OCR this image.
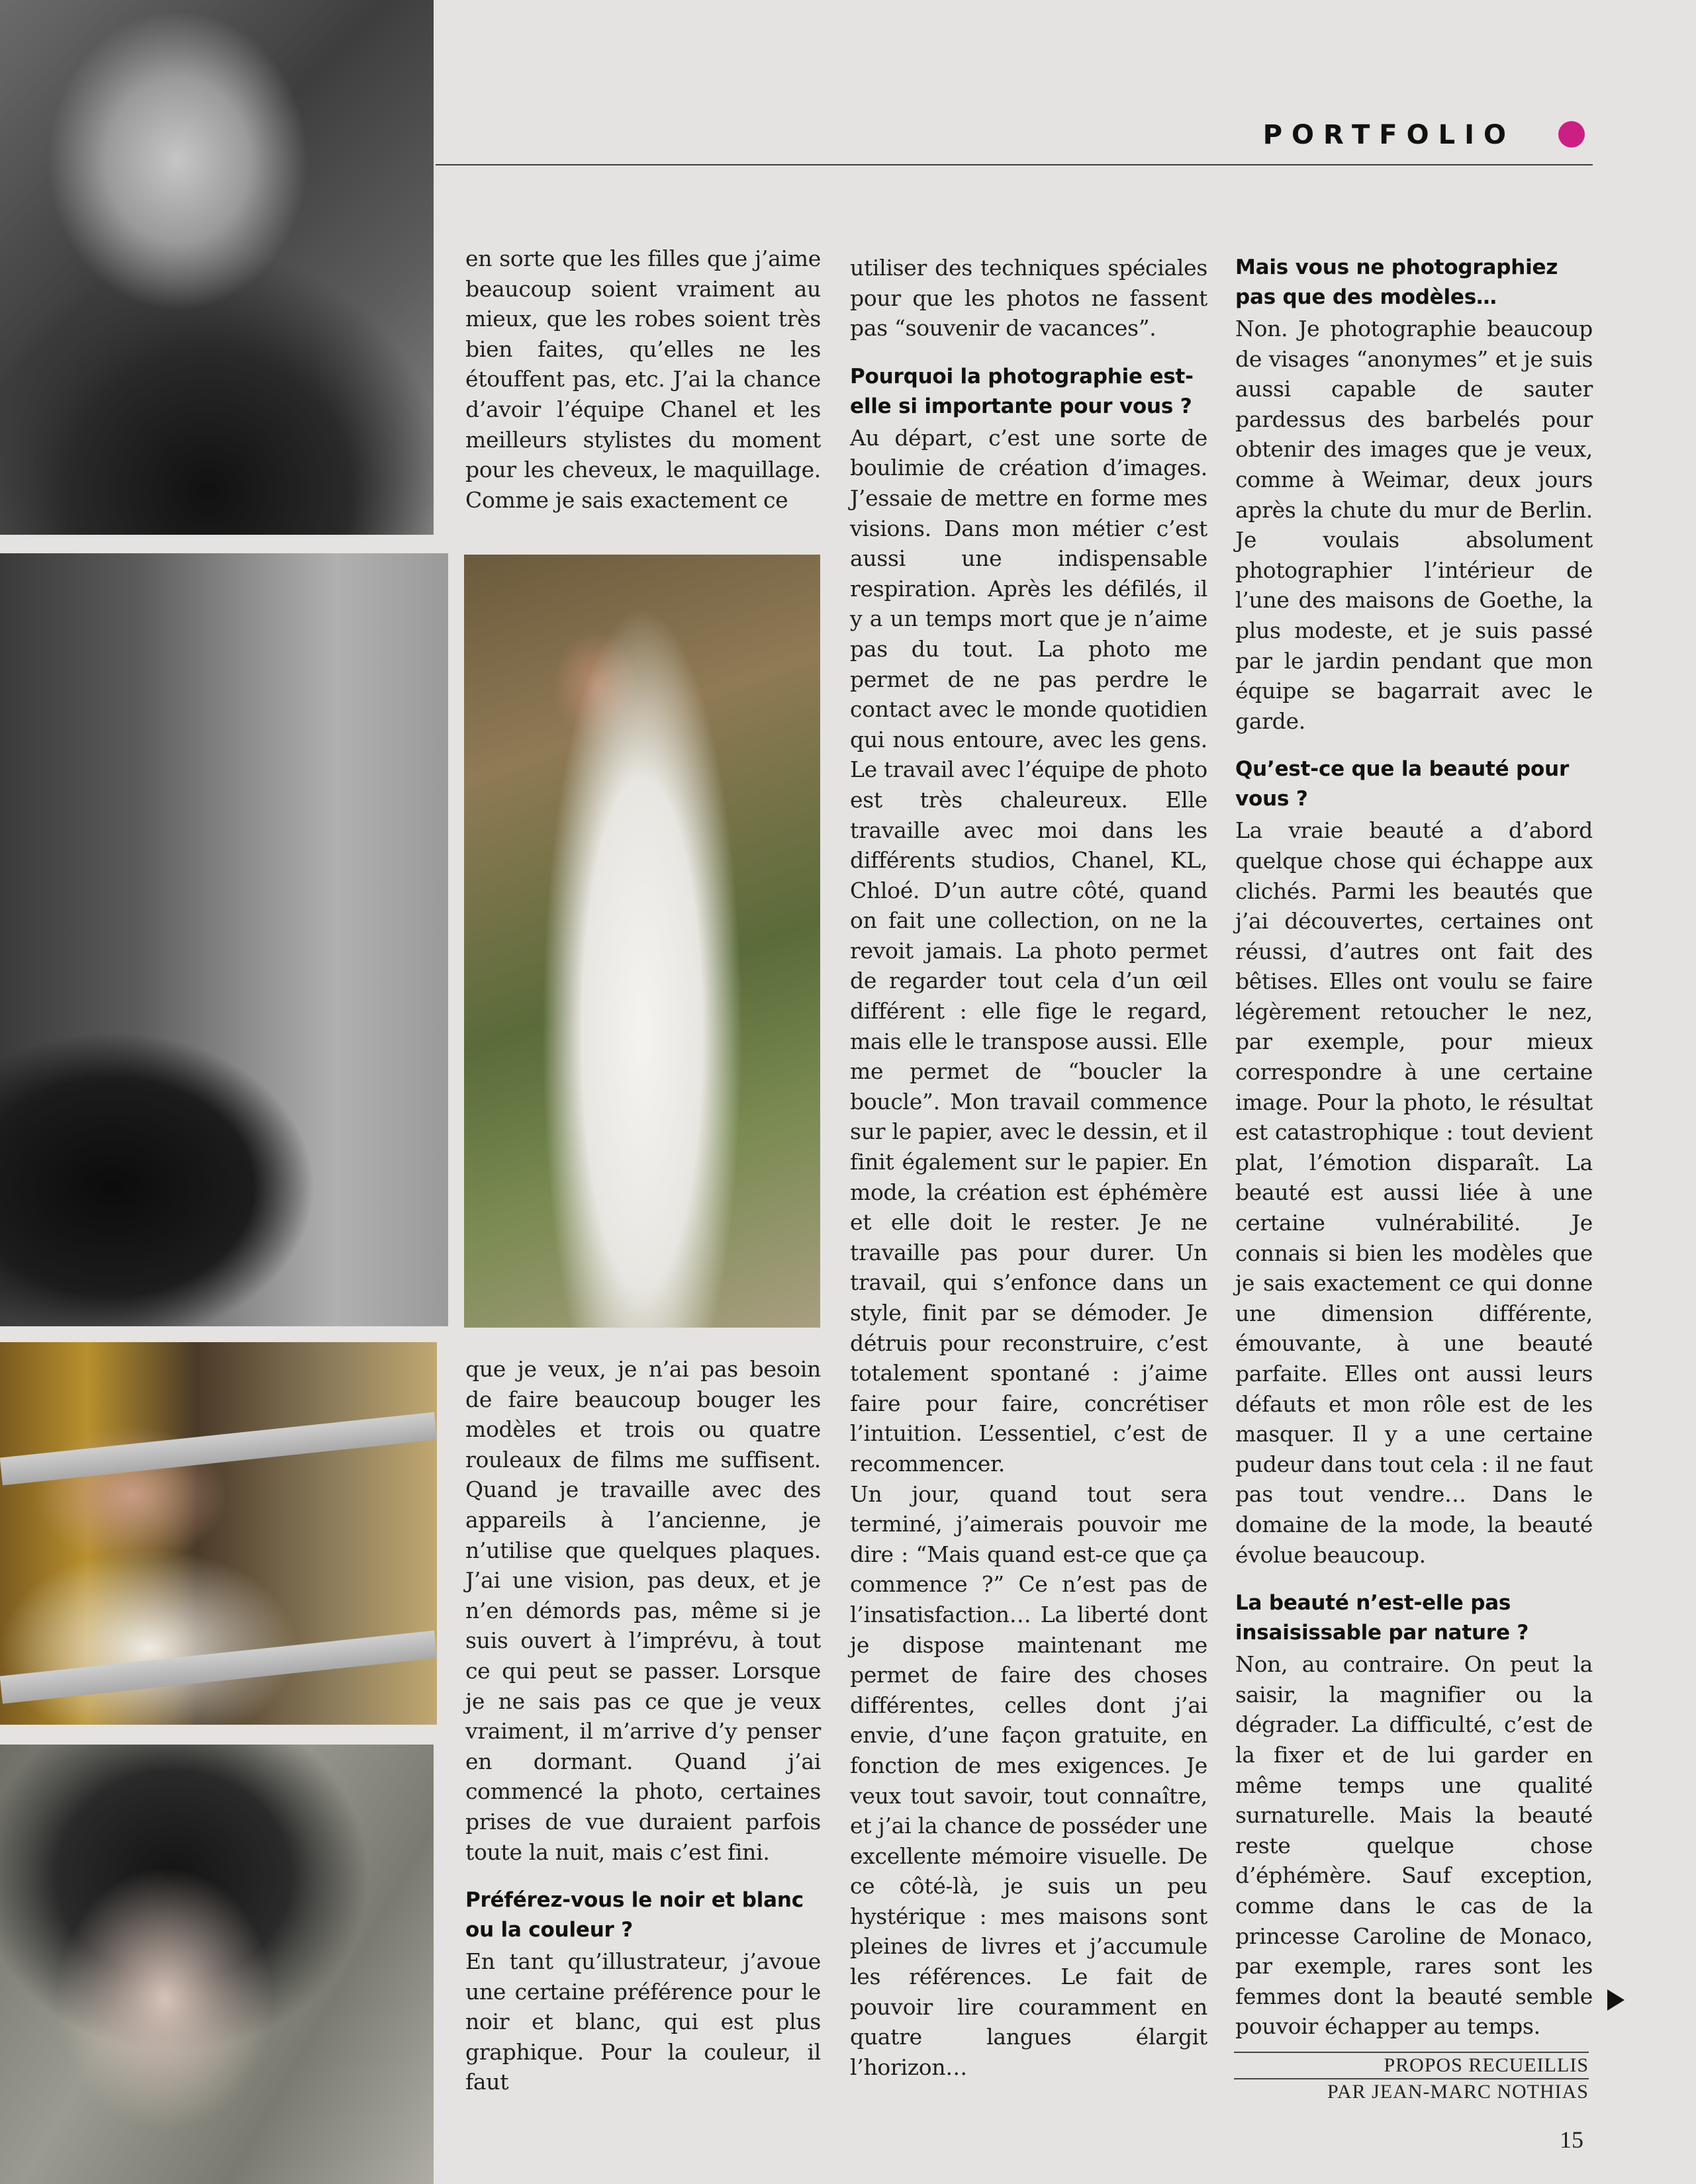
PORTFOLIO

en sorte que les filles que j’aime beaucoup soient vraiment au mieux, que les robes soient très bien faites, qu’elles ne les étouffent pas, etc. J’ai la chance d’avoir l’équipe Chanel et les meilleurs stylistes du moment pour les cheveux, le maquillage. Comme je sais exactement ce

que je veux, je n’ai pas besoin de faire beaucoup bouger les modèles et trois ou quatre rouleaux de films me suffisent. Quand je travaille avec des appareils à l’ancienne, je n’utilise que quelques plaques. J’ai une vision, pas deux, et je n’en démords pas, même si je suis ouvert à l’imprévu, à tout ce qui peut se passer. Lorsque je ne sais pas ce que je veux vraiment, il m’arrive d’y penser en dormant. Quand j’ai commencé la photo, certaines prises de vue duraient parfois toute la nuit, mais c’est fini.

Préférez-vous le noir et blanc ou la couleur ?

En tant qu’illustrateur, j’avoue une certaine préférence pour le noir et blanc, qui est plus graphique. Pour la couleur, il faut

utiliser des techniques spéciales pour que les photos ne fassent pas “souvenir de vacances”.

Pourquoi la photographie est-elle si importante pour vous ?

Au départ, c’est une sorte de boulimie de création d’images. J’essaie de mettre en forme mes visions. Dans mon métier c’est aussi une indispensable respiration. Après les défilés, il y a un temps mort que je n’aime pas du tout. La photo me permet de ne pas perdre le contact avec le monde quotidien qui nous entoure, avec les gens. Le travail avec l’équipe de photo est très chaleureux. Elle travaille avec moi dans les différents studios, Chanel, KL, Chloé. D’un autre côté, quand on fait une collection, on ne la revoit jamais. La photo permet de regarder tout cela d’un œil différent : elle fige le regard, mais elle le transpose aussi. Elle me permet de “boucler la boucle”. Mon travail commence sur le papier, avec le dessin, et il finit également sur le papier. En mode, la création est éphémère et elle doit le rester. Je ne travaille pas pour durer. Un travail, qui s’enfonce dans un style, finit par se démoder. Je détruis pour reconstruire, c’est totalement spontané : j’aime faire pour faire, concrétiser l’intuition. L’essentiel, c’est de recommencer.

Un jour, quand tout sera terminé, j’aimerais pouvoir me dire : “Mais quand est-ce que ça commence ?” Ce n’est pas de l’insatisfaction… La liberté dont je dispose maintenant me permet de faire des choses différentes, celles dont j’ai envie, d’une façon gratuite, en fonction de mes exigences. Je veux tout savoir, tout connaître, et j’ai la chance de posséder une excellente mémoire visuelle. De ce côté-là, je suis un peu hystérique : mes maisons sont pleines de livres et j’accumule les références. Le fait de pouvoir lire couramment en quatre langues élargit l’horizon…

Mais vous ne photographiez pas que des modèles…

Non. Je photographie beaucoup de visages “anonymes” et je suis aussi capable de sauter pardessus des barbelés pour obtenir des images que je veux, comme à Weimar, deux jours après la chute du mur de Berlin. Je voulais absolument photographier l’intérieur de l’une des maisons de Goethe, la plus modeste, et je suis passé par le jardin pendant que mon équipe se bagarrait avec le garde.

Qu’est-ce que la beauté pour vous ?

La vraie beauté a d’abord quelque chose qui échappe aux clichés. Parmi les beautés que j’ai découvertes, certaines ont réussi, d’autres ont fait des bêtises. Elles ont voulu se faire légèrement retoucher le nez, par exemple, pour mieux correspondre à une certaine image. Pour la photo, le résultat est catastrophique : tout devient plat, l’émotion disparaît. La beauté est aussi liée à une certaine vulnérabilité. Je connais si bien les modèles que je sais exactement ce qui donne une dimension différente, émouvante, à une beauté parfaite. Elles ont aussi leurs défauts et mon rôle est de les masquer. Il y a une certaine pudeur dans tout cela : il ne faut pas tout vendre… Dans le domaine de la mode, la beauté évolue beaucoup.

La beauté n’est-elle pas insaisissable par nature ?

Non, au contraire. On peut la saisir, la magnifier ou la dégrader. La difficulté, c’est de la fixer et de lui garder en même temps une qualité surnaturelle. Mais la beauté reste quelque chose d’éphémère. Sauf exception, comme dans le cas de la princesse Caroline de Monaco, par exemple, rares sont les femmes dont la beauté semble pouvoir échapper au temps.

PROPOS RECUEILLIS
PAR JEAN-MARC NOTHIAS
15
